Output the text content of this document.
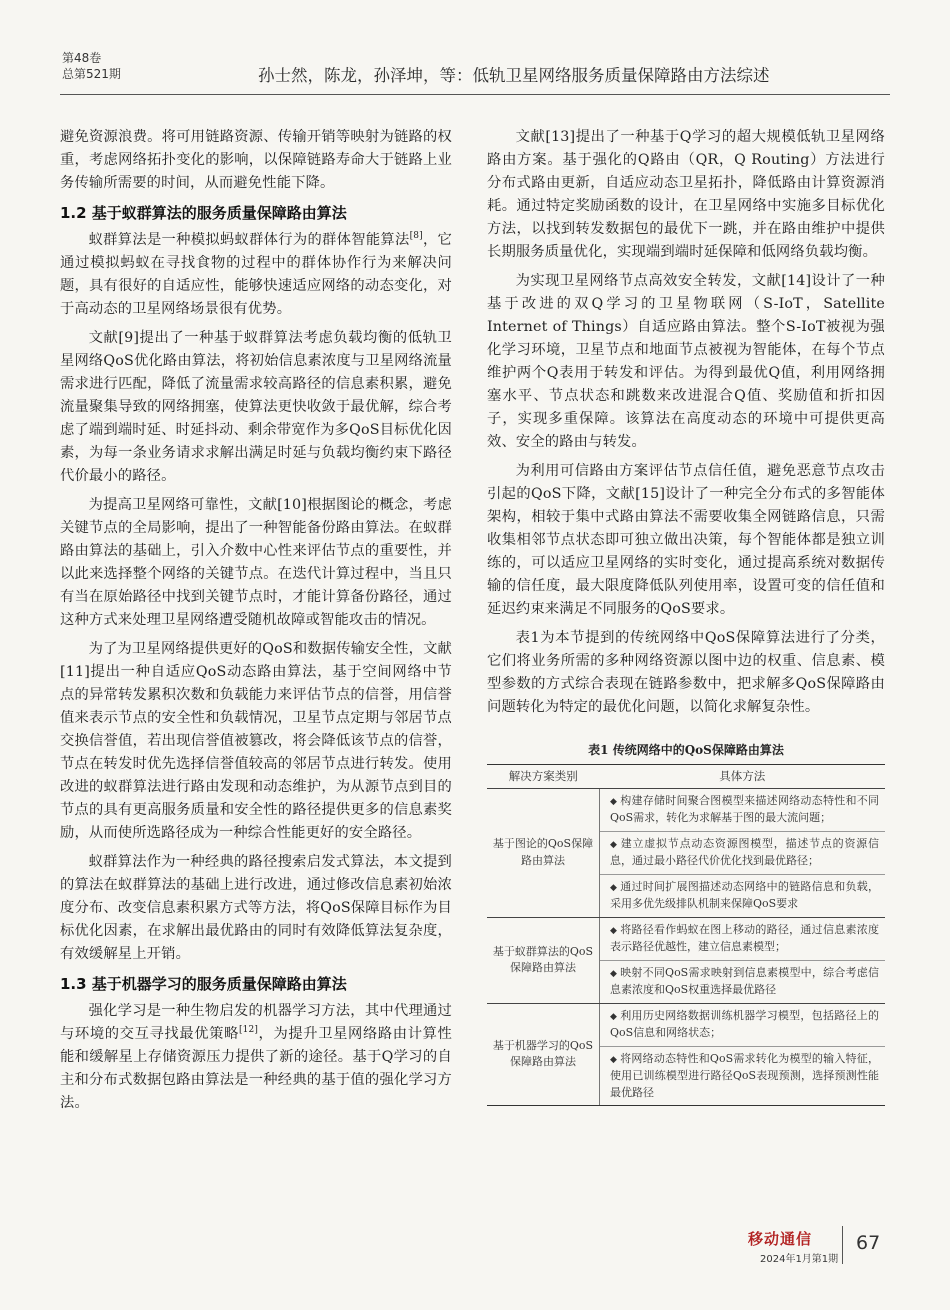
第48卷
总第521期	孙士然，陈龙，孙泽坤，等：低轨卫星网络服务质量保障路由方法综述

避免资源浪费。将可用链路资源、传输开销等映射为链路的权重，考虑网络拓扑变化的影响，以保障链路寿命大于链路上业务传输所需要的时间，从而避免性能下降。

1.2 基于蚁群算法的服务质量保障路由算法

蚁群算法是一种模拟蚂蚁群体行为的群体智能算法[8]，它通过模拟蚂蚁在寻找食物的过程中的群体协作行为来解决问题，具有很好的自适应性，能够快速适应网络的动态变化，对于高动态的卫星网络场景很有优势。

文献[9]提出了一种基于蚁群算法考虑负载均衡的低轨卫星网络QoS优化路由算法，将初始信息素浓度与卫星网络流量需求进行匹配，降低了流量需求较高路径的信息素积累，避免流量聚集导致的网络拥塞，使算法更快收敛于最优解，综合考虑了端到端时延、时延抖动、剩余带宽作为多QoS目标优化因素，为每一条业务请求求解出满足时延与负载均衡约束下路径代价最小的路径。

为提高卫星网络可靠性，文献[10]根据图论的概念，考虑关键节点的全局影响，提出了一种智能备份路由算法。在蚁群路由算法的基础上，引入介数中心性来评估节点的重要性，并以此来选择整个网络的关键节点。在迭代计算过程中，当且只有当在原始路径中找到关键节点时，才能计算备份路径，通过这种方式来处理卫星网络遭受随机故障或智能攻击的情况。

为了为卫星网络提供更好的QoS和数据传输安全性，文献[11]提出一种自适应QoS动态路由算法，基于空间网络中节点的异常转发累积次数和负载能力来评估节点的信誉，用信誉值来表示节点的安全性和负载情况，卫星节点定期与邻居节点交换信誉值，若出现信誉值被篡改，将会降低该节点的信誉，节点在转发时优先选择信誉值较高的邻居节点进行转发。使用改进的蚁群算法进行路由发现和动态维护，为从源节点到目的节点的具有更高服务质量和安全性的路径提供更多的信息素奖励，从而使所选路径成为一种综合性能更好的安全路径。

蚁群算法作为一种经典的路径搜索启发式算法，本文提到的算法在蚁群算法的基础上进行改进，通过修改信息素初始浓度分布、改变信息素积累方式等方法，将QoS保障目标作为目标优化因素，在求解出最优路由的同时有效降低算法复杂度，有效缓解星上开销。

1.3 基于机器学习的服务质量保障路由算法

强化学习是一种生物启发的机器学习方法，其中代理通过与环境的交互寻找最优策略[12]，为提升卫星网络路由计算性能和缓解星上存储资源压力提供了新的途径。基于Q学习的自主和分布式数据包路由算法是一种经典的基于值的强化学习方法。

文献[13]提出了一种基于Q学习的超大规模低轨卫星网络路由方案。基于强化的Q路由（QR，Q Routing）方法进行分布式路由更新，自适应动态卫星拓扑，降低路由计算资源消耗。通过特定奖励函数的设计，在卫星网络中实施多目标优化方法，以找到转发数据包的最优下一跳，并在路由维护中提供长期服务质量优化，实现端到端时延保障和低网络负载均衡。

为实现卫星网络节点高效安全转发，文献[14]设计了一种基于改进的双Q学习的卫星物联网（S-IoT，Satellite Internet of Things）自适应路由算法。整个S-IoT被视为强化学习环境，卫星节点和地面节点被视为智能体，在每个节点维护两个Q表用于转发和评估。为得到最优Q值，利用网络拥塞水平、节点状态和跳数来改进混合Q值、奖励值和折扣因子，实现多重保障。该算法在高度动态的环境中可提供更高效、安全的路由与转发。

为利用可信路由方案评估节点信任值，避免恶意节点攻击引起的QoS下降，文献[15]设计了一种完全分布式的多智能体架构，相较于集中式路由算法不需要收集全网链路信息，只需收集相邻节点状态即可独立做出决策，每个智能体都是独立训练的，可以适应卫星网络的实时变化，通过提高系统对数据传输的信任度，最大限度降低队列使用率，设置可变的信任值和延迟约束来满足不同服务的QoS要求。

表1为本节提到的传统网络中QoS保障算法进行了分类，它们将业务所需的多种网络资源以图中边的权重、信息素、模型参数的方式综合表现在链路参数中，把求解多QoS保障路由问题转化为特定的最优化问题，以简化求解复杂性。

表1 传统网络中的QoS保障路由算法
解决方案类别	具体方法
基于图论的QoS保障路由算法	◆ 构建存储时间聚合图模型来描述网络动态特性和不同QoS需求，转化为求解基于图的最大流问题；
◆ 建立虚拟节点动态资源图模型，描述节点的资源信息，通过最小路径代价优化找到最优路径；
◆ 通过时间扩展图描述动态网络中的链路信息和负载，采用多优先级排队机制来保障QoS要求

基于蚁群算法的QoS保障路由算法	◆ 将路径看作蚂蚁在图上移动的路径，通过信息素浓度表示路径优越性，建立信息素模型；
◆ 映射不同QoS需求映射到信息素模型中，综合考虑信息素浓度和QoS权重选择最优路径

基于机器学习的QoS保障路由算法	◆ 利用历史网络数据训练机器学习模型，包括路径上的QoS信息和网络状态；
◆ 将网络动态特性和QoS需求转化为模型的输入特征，使用已训练模型进行路径QoS表现预测，选择预测性能最优路径
移动通信
2024年1月第1期
67
